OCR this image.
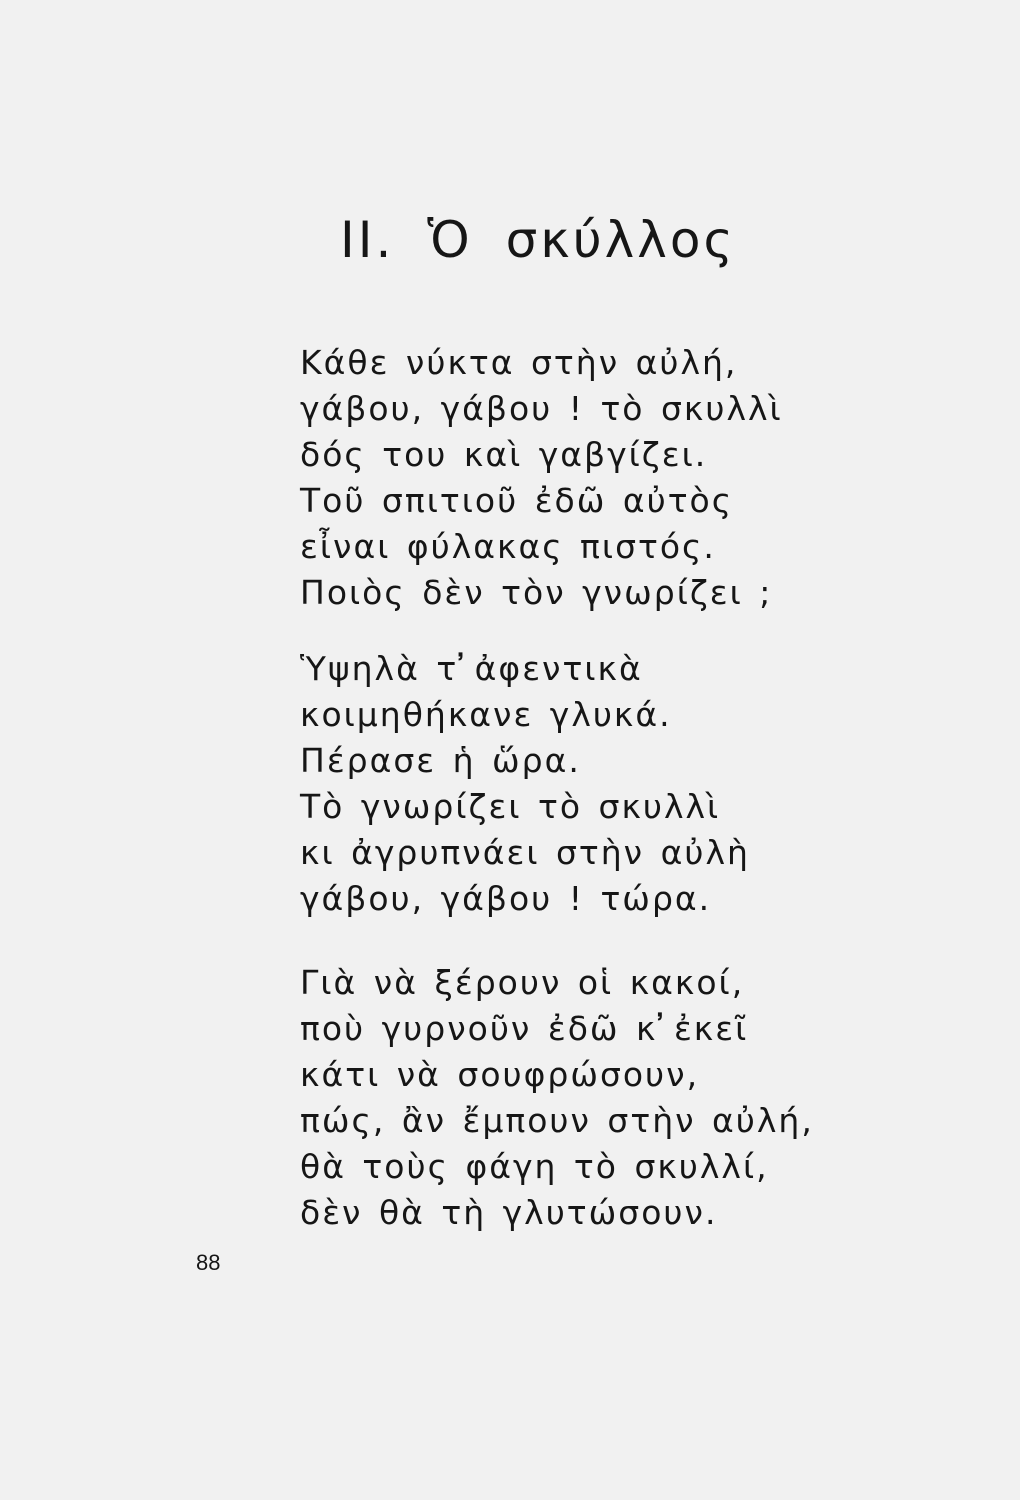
ΙΙ. Ὁ σκύλλος
Κάθε νύκτα στὴν αὐλή,
γάβου, γάβου ! τὸ σκυλλὶ
δός του καὶ γαβγίζει.
Τοῦ σπιτιοῦ ἐδῶ αὐτὸς
εἶναι φύλακας πιστός.
Ποιὸς δὲν τὸν γνωρίζει ;
Ὑψηλὰ τ ̓ἀφεντικὰ
κοιμηθήκανε γλυκά.
Πέρασε ἡ ὥρα.
Τὸ γνωρίζει τὸ σκυλλὶ
κι ἀγρυπνάει στὴν αὐλὴ
γάβου, γάβου ! τώρα.
Γιὰ νὰ ξέρουν οἱ κακοί,
ποὺ γυρνοῦν ἐδῶ κ ̓ἐκεῖ
κάτι νὰ σουφρώσουν,
πώς, ἂν ἔμπουν στὴν αὐλή,
θὰ τοὺς φάγη τὸ σκυλλί,
δὲν θὰ τὴ γλυτώσουν.
88
